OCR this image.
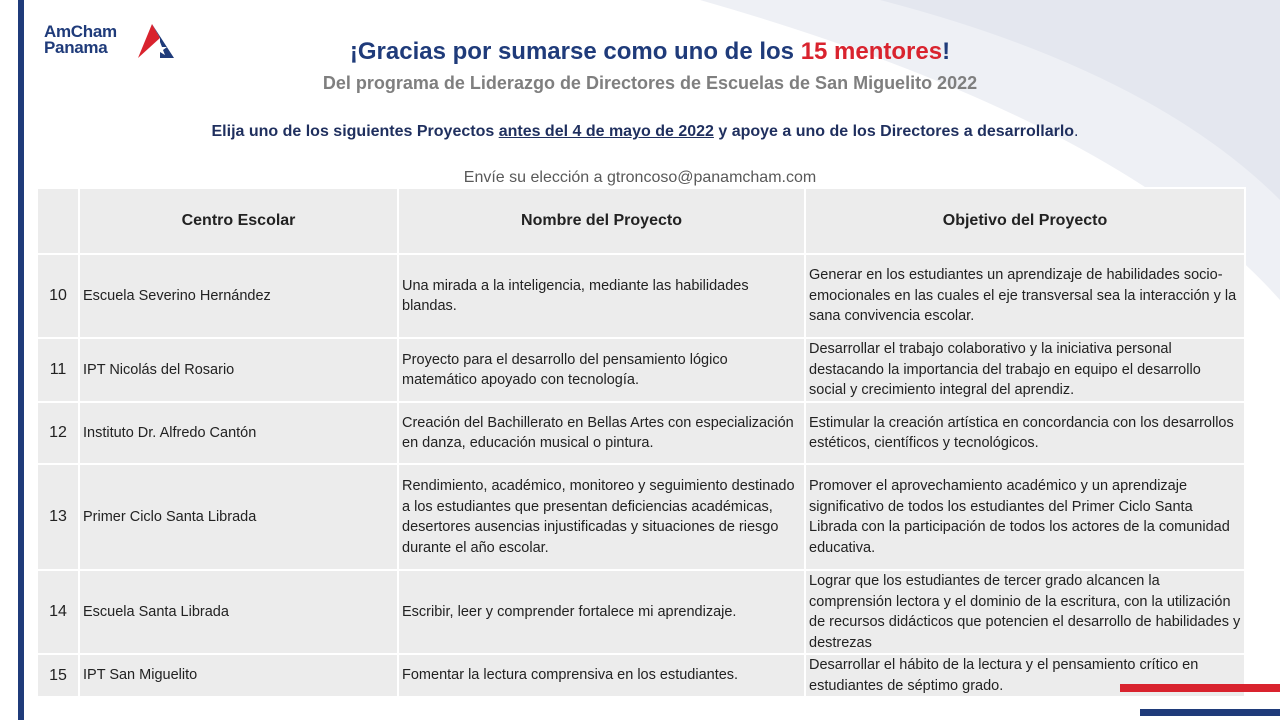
AmCham
Panama	¡Gracias por sumarse como uno de los 15 mentores!
Del programa de Liderazgo de Directores de Escuelas de San Miguelito 2022
Elija uno de los siguientes Proyectos antes del 4 de mayo de 2022 y apoye a uno de los Directores a desarrollarlo.
Envíe su elección a gtroncoso@panamcham.com
	Centro Escolar	Nombre del Proyecto	Objetivo del Proyecto
10	Escuela Severino Hernández	Una mirada a la inteligencia, mediante las habilidades blandas.	Generar en los estudiantes un aprendizaje de habilidades socio-emocionales en las cuales el eje transversal sea la interacción y la sana convivencia escolar.
11	IPT Nicolás del Rosario	Proyecto para el desarrollo del pensamiento lógico matemático apoyado con tecnología.	Desarrollar el trabajo colaborativo y la iniciativa personal destacando la importancia del trabajo en equipo el desarrollo social y crecimiento integral del aprendiz.
12	Instituto Dr. Alfredo Cantón	Creación del Bachillerato en Bellas Artes con especialización en danza, educación musical o pintura.	Estimular la creación artística en concordancia con los desarrollos estéticos, científicos y tecnológicos.
13	Primer Ciclo Santa Librada	Rendimiento, académico, monitoreo y seguimiento destinado a los estudiantes que presentan deficiencias académicas, desertores ausencias injustificadas y situaciones de riesgo durante el año escolar.	Promover el aprovechamiento académico y un aprendizaje significativo de todos los estudiantes del Primer Ciclo Santa Librada con la participación de todos los actores de la comunidad educativa.
14	Escuela Santa Librada	Escribir, leer y comprender fortalece mi aprendizaje.	Lograr que los estudiantes de tercer grado alcancen la comprensión lectora y el dominio de la escritura, con la utilización de recursos didácticos que potencien el desarrollo de habilidades y destrezas
15	IPT San Miguelito	Fomentar la lectura comprensiva en los estudiantes.	Desarrollar el hábito de la lectura y el pensamiento crítico en estudiantes de séptimo grado.
